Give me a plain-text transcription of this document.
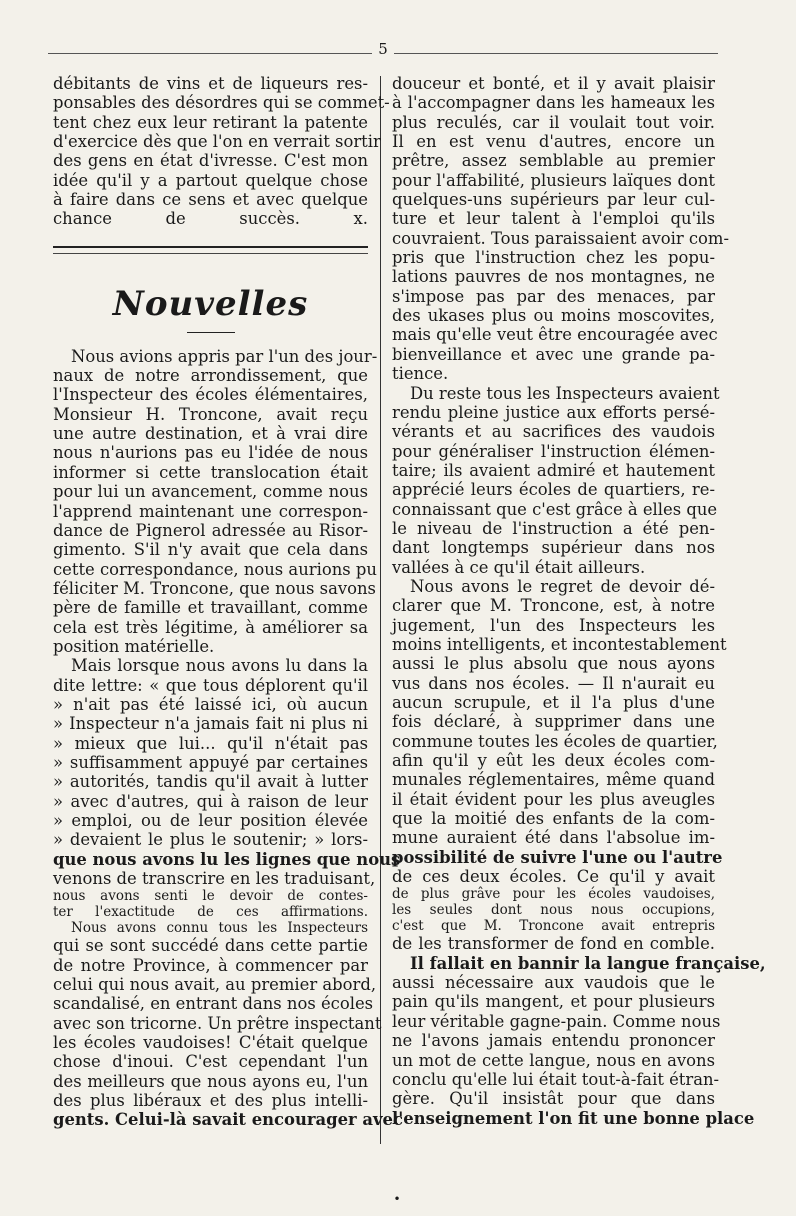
5
débitants de vins et de liqueurs res-
ponsables des désordres qui se commet-
tent chez eux leur retirant la patente
d'exercice dès que l'on en verrait sortir
des gens en état d'ivresse. C'est mon
idée qu'il y a partout quelque chose
à faire dans ce sens et avec quelque
chance de succès. x.
Nouvelles
Nous avions appris par l'un des jour-
naux de notre arrondissement, que
l'Inspecteur des écoles élémentaires,
Monsieur H. Troncone, avait reçu
une autre destination, et à vrai dire
nous n'aurions pas eu l'idée de nous
informer si cette translocation était
pour lui un avancement, comme nous
l'apprend maintenant une correspon-
dance de Pignerol adressée au Risor-
gimento. S'il n'y avait que cela dans
cette correspondance, nous aurions pu
féliciter M. Troncone, que nous savons
père de famille et travaillant, comme
cela est très légitime, à améliorer sa
position matérielle.
Mais lorsque nous avons lu dans la
dite lettre: « que tous déplorent qu'il
» n'ait pas été laissé ici, où aucun
» Inspecteur n'a jamais fait ni plus ni
» mieux que lui... qu'il n'était pas
» suffisamment appuyé par certaines
» autorités, tandis qu'il avait à lutter
» avec d'autres, qui à raison de leur
» emploi, ou de leur position élevée
» devaient le plus le soutenir; » lors-
que nous avons lu les lignes que nous
venons de transcrire en les traduisant,
nous avons senti le devoir de contes-
ter l'exactitude de ces affirmations.
Nous avons connu tous les Inspecteurs
qui se sont succédé dans cette partie
de notre Province, à commencer par
celui qui nous avait, au premier abord,
scandalisé, en entrant dans nos écoles
avec son tricorne. Un prêtre inspectant
les écoles vaudoises! C'était quelque
chose d'inoui. C'est cependant l'un
des meilleurs que nous ayons eu, l'un
des plus libéraux et des plus intelli-
gents. Celui-là savait encourager avec
douceur et bonté, et il y avait plaisir
à l'accompagner dans les hameaux les
plus reculés, car il voulait tout voir.
Il en est venu d'autres, encore un
prêtre, assez semblable au premier
pour l'affabilité, plusieurs laïques dont
quelques-uns supérieurs par leur cul-
ture et leur talent à l'emploi qu'ils
couvraient. Tous paraissaient avoir com-
pris que l'instruction chez les popu-
lations pauvres de nos montagnes, ne
s'impose pas par des menaces, par
des ukases plus ou moins moscovites,
mais qu'elle veut être encouragée avec
bienveillance et avec une grande pa-
tience.
Du reste tous les Inspecteurs avaient
rendu pleine justice aux efforts persé-
vérants et au sacrifices des vaudois
pour généraliser l'instruction élémen-
taire; ils avaient admiré et hautement
apprécié leurs écoles de quartiers, re-
connaissant que c'est grâce à elles que
le niveau de l'instruction a été pen-
dant longtemps supérieur dans nos
vallées à ce qu'il était ailleurs.
Nous avons le regret de devoir dé-
clarer que M. Troncone, est, à notre
jugement, l'un des Inspecteurs les
moins intelligents, et incontestablement
aussi le plus absolu que nous ayons
vus dans nos écoles. — Il n'aurait eu
aucun scrupule, et il l'a plus d'une
fois déclaré, à supprimer dans une
commune toutes les écoles de quartier,
afin qu'il y eût les deux écoles com-
munales réglementaires, même quand
il était évident pour les plus aveugles
que la moitié des enfants de la com-
mune auraient été dans l'absolue im-
possibilité de suivre l'une ou l'autre
de ces deux écoles. Ce qu'il y avait
de plus grâve pour les écoles vaudoises,
les seules dont nous nous occupions,
c'est que M. Troncone avait entrepris
de les transformer de fond en comble.
Il fallait en bannir la langue française,
aussi nécessaire aux vaudois que le
pain qu'ils mangent, et pour plusieurs
leur véritable gagne-pain. Comme nous
ne l'avons jamais entendu prononcer
un mot de cette langue, nous en avons
conclu qu'elle lui était tout-à-fait étran-
gère. Qu'il insistât pour que dans
l'enseignement l'on fit une bonne place
•
